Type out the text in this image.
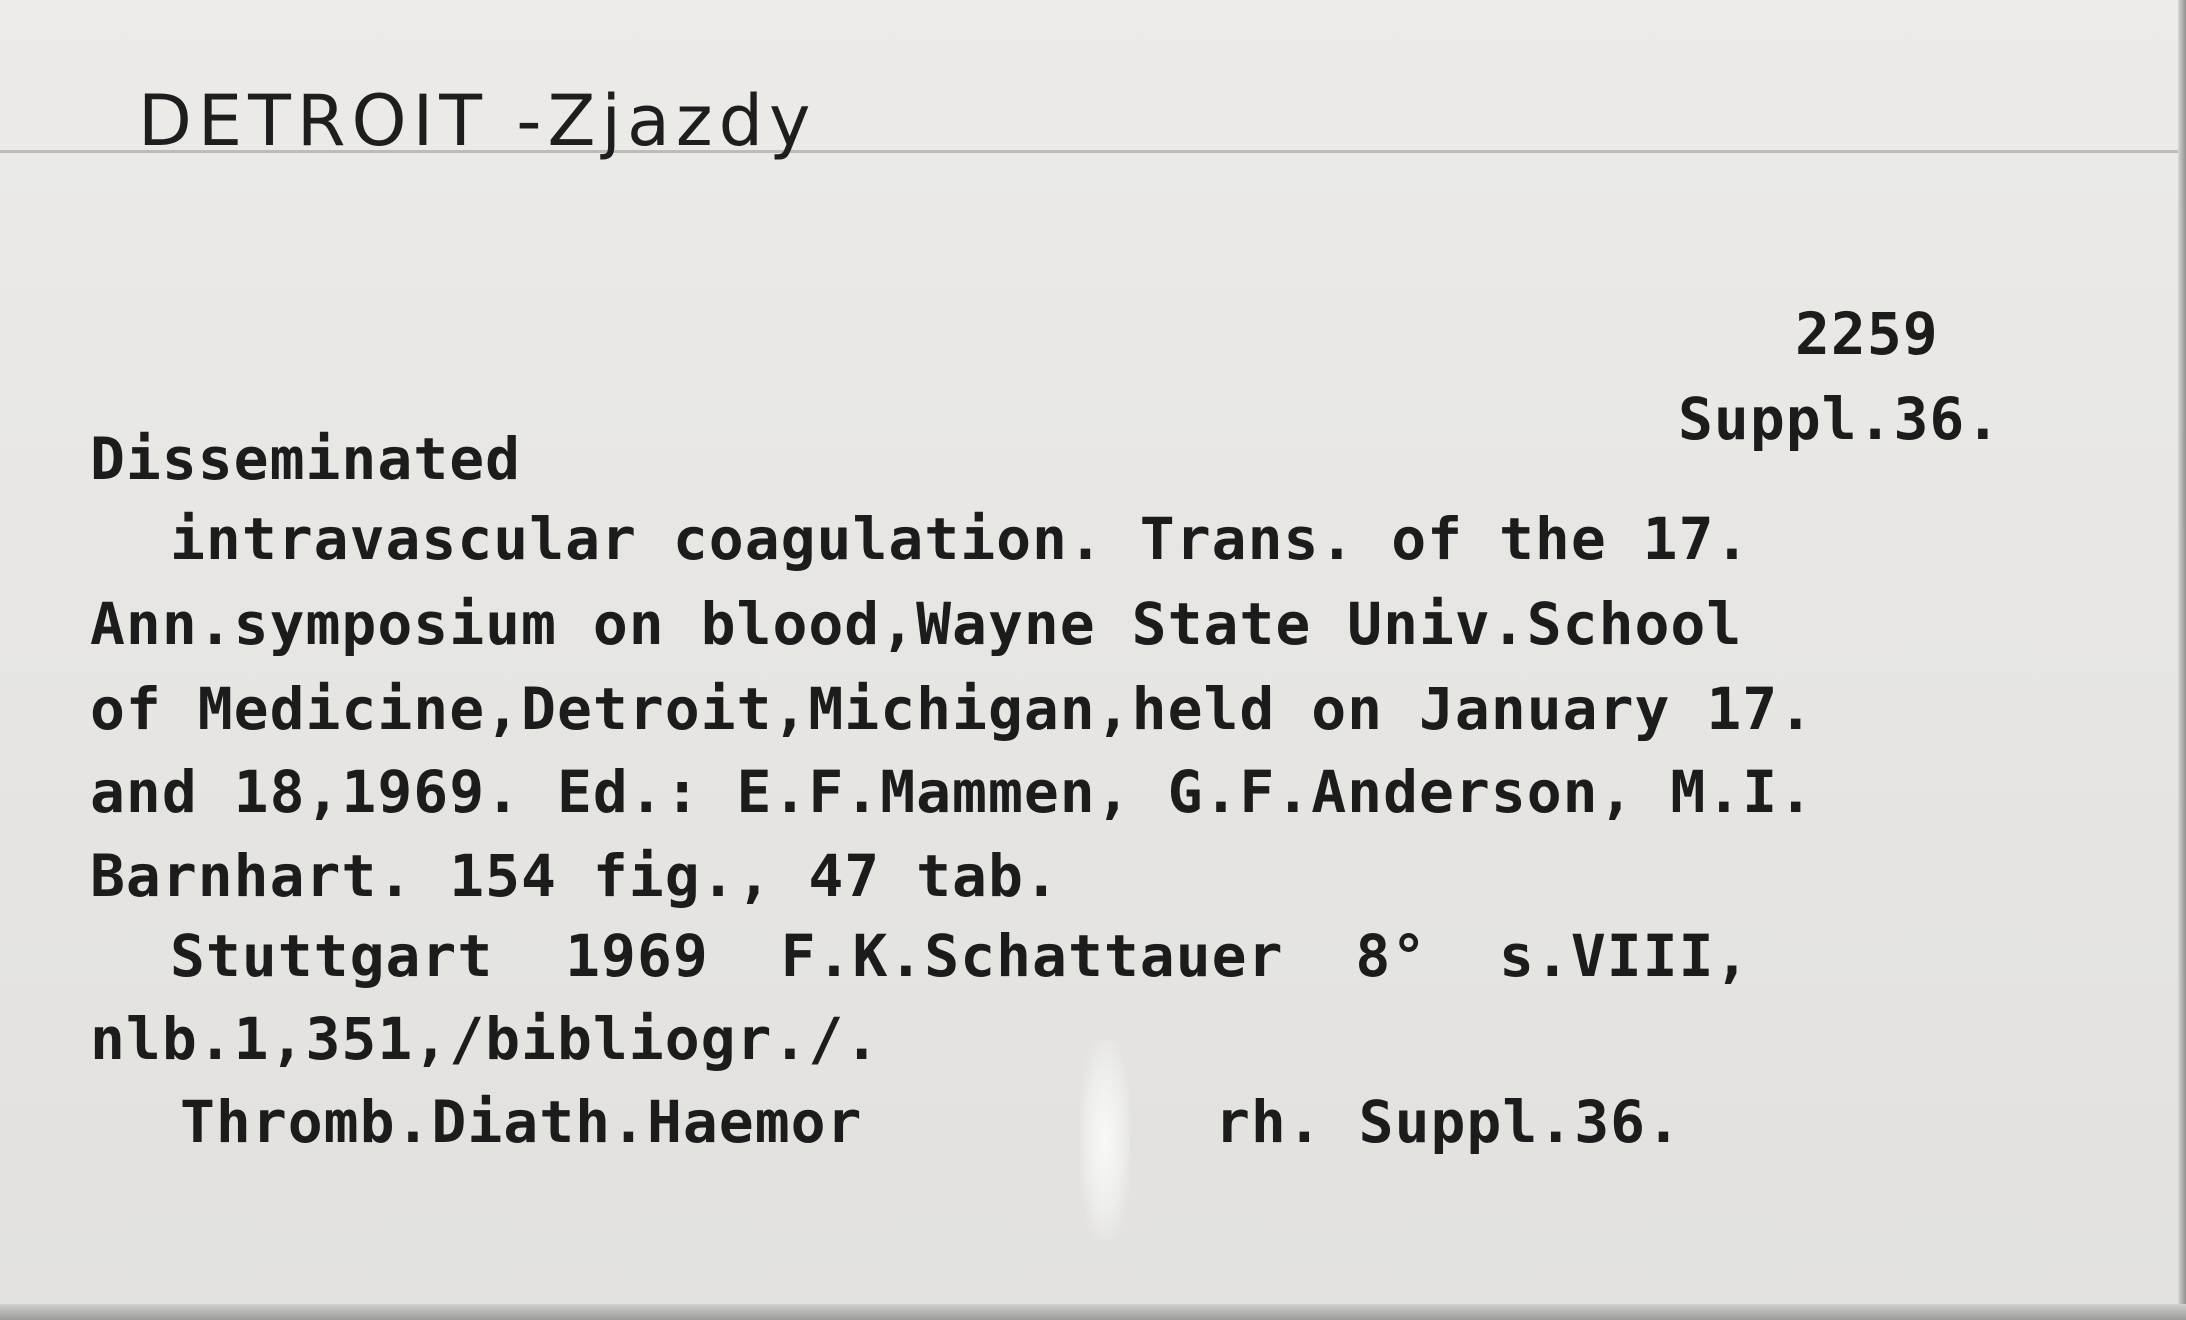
DETROIT -Zjazdy
2259
Suppl.36.
Disseminated
intravascular coagulation. Trans. of the 17.
Ann.symposium on blood,Wayne State Univ.School
of Medicine,Detroit,Michigan,held on January 17.
and 18,1969. Ed.: E.F.Mammen, G.F.Anderson, M.I.
Barnhart. 154 fig., 47 tab.
Stuttgart  1969  F.K.Schattauer  8°  s.VIII,
nlb.1,351,/bibliogr./.
Thromb.Diath.Haemor	rh. Suppl.36.
